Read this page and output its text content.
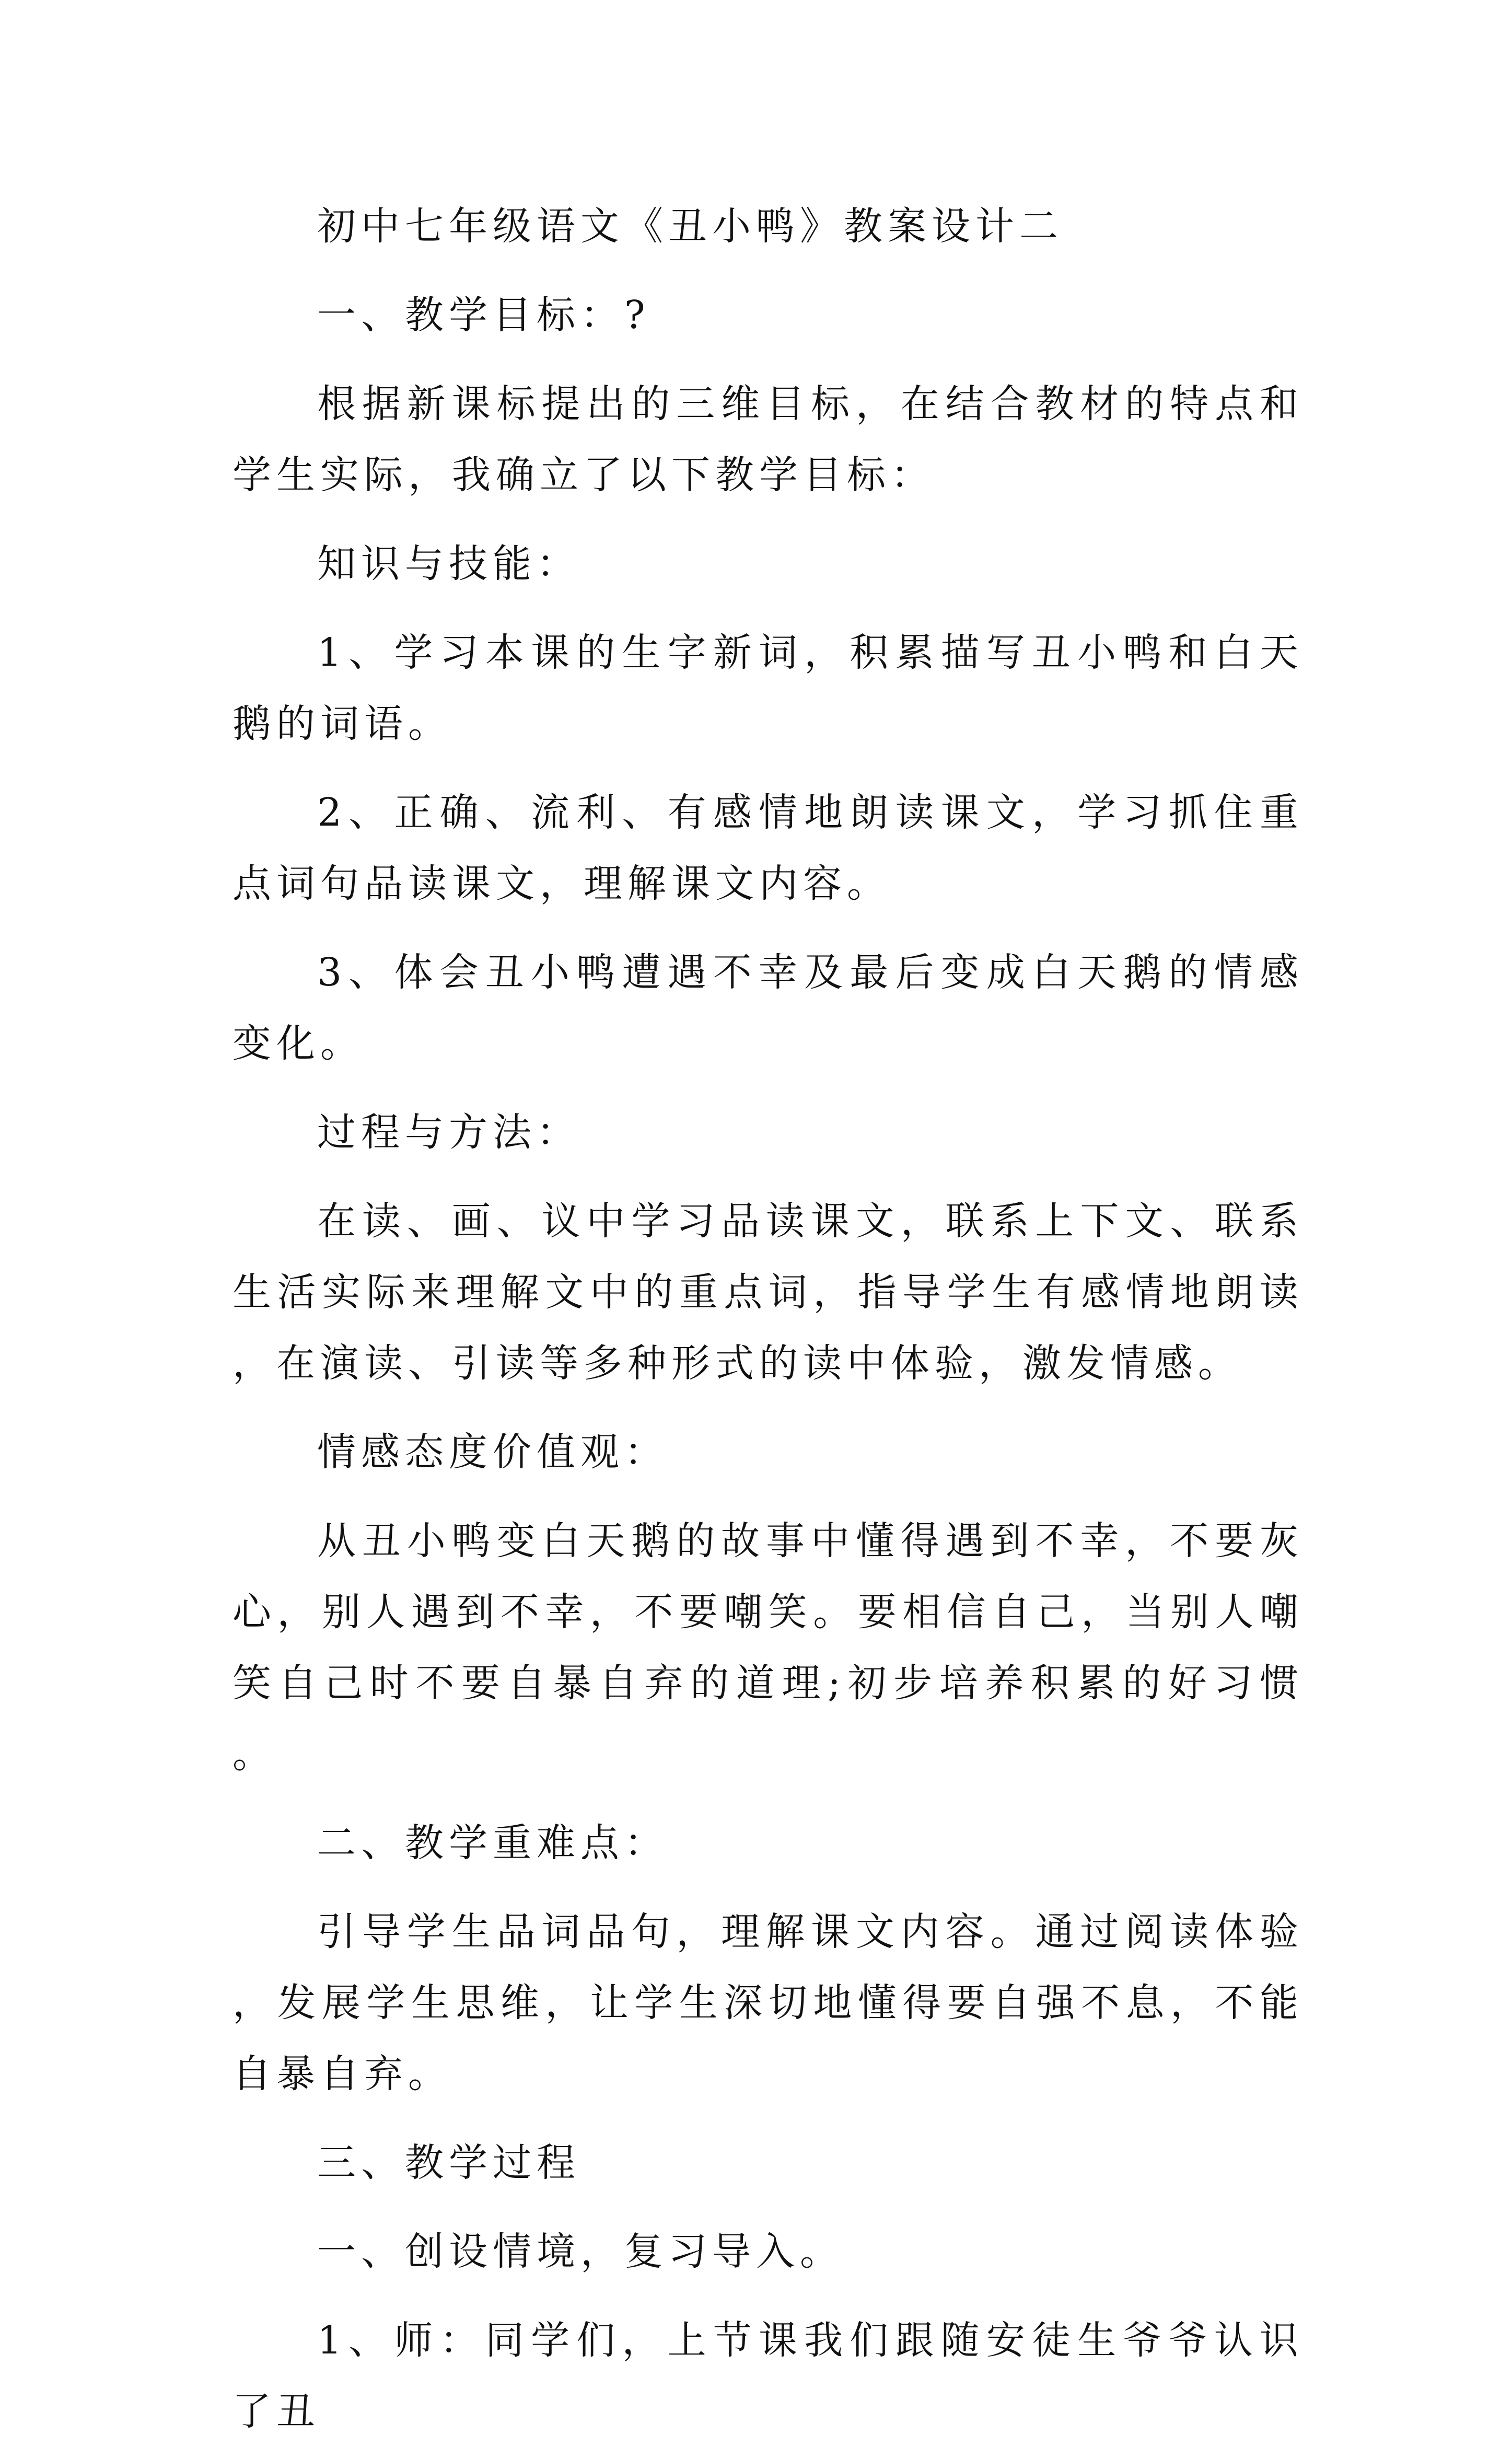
初中七年级语文《丑小鸭》教案设计二

一、教学目标：?

根据新课标提出的三维目标，在结合教材的特点和学生实际，我确立了以下教学目标：

知识与技能：

1、学习本课的生字新词，积累描写丑小鸭和白天鹅的词语。

2、正确、流利、有感情地朗读课文，学习抓住重点词句品读课文，理解课文内容。

3、体会丑小鸭遭遇不幸及最后变成白天鹅的情感变化。

过程与方法：

在读、画、议中学习品读课文，联系上下文、联系生活实际来理解文中的重点词，指导学生有感情地朗读，在演读、引读等多种形式的读中体验，激发情感。

情感态度价值观：

从丑小鸭变白天鹅的故事中懂得遇到不幸，不要灰心，别人遇到不幸，不要嘲笑。要相信自己，当别人嘲笑自己时不要自暴自弃的道理;初步培养积累的好习惯。

二、教学重难点：

引导学生品词品句，理解课文内容。通过阅读体验，发展学生思维，让学生深切地懂得要自强不息，不能自暴自弃。

三、教学过程

一、创设情境，复习导入。

1、师：同学们，上节课我们跟随安徒生爷爷认识了丑
